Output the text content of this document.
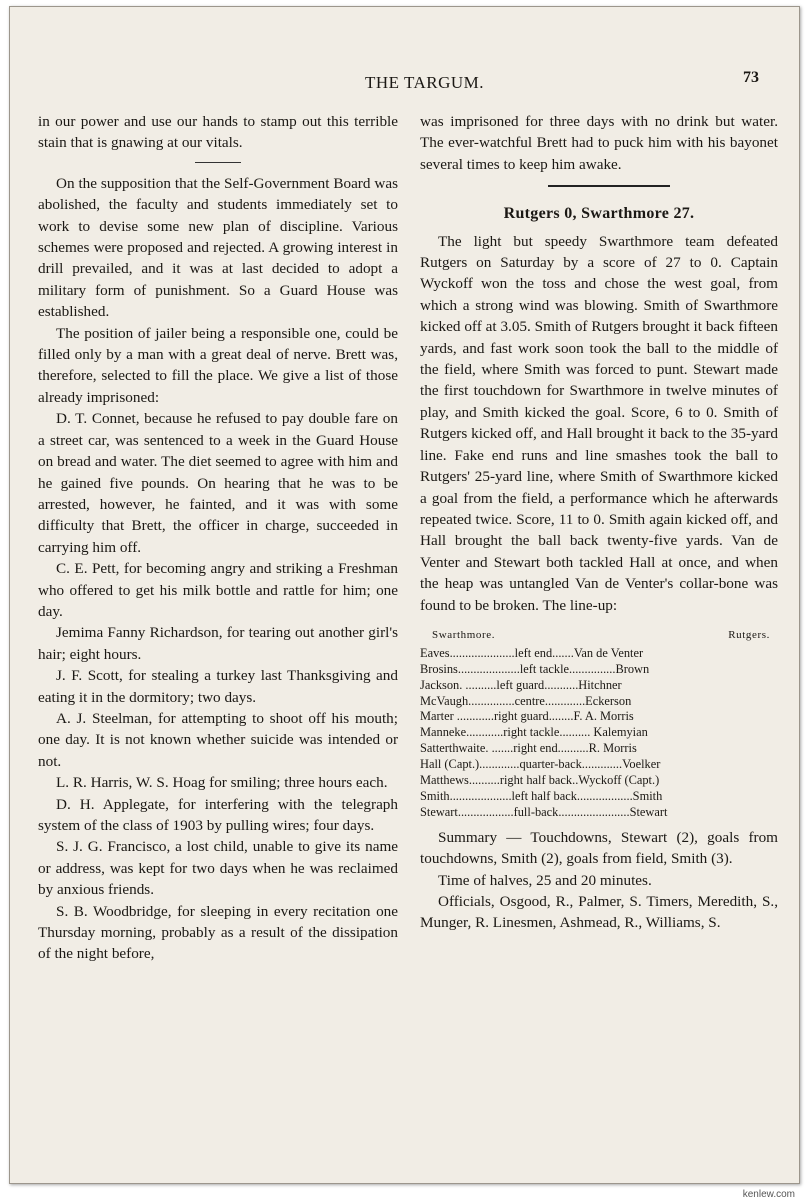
THE TARGUM.	73

in our power and use our hands to stamp out this terrible stain that is gnawing at our vitals.

On the supposition that the Self-Government Board was abolished, the faculty and students immediately set to work to devise some new plan of discipline. Various schemes were proposed and rejected. A growing interest in drill prevailed, and it was at last decided to adopt a military form of punishment. So a Guard House was established.

The position of jailer being a responsible one, could be filled only by a man with a great deal of nerve. Brett was, therefore, selected to fill the place. We give a list of those already imprisoned:

D. T. Connet, because he refused to pay double fare on a street car, was sentenced to a week in the Guard House on bread and water. The diet seemed to agree with him and he gained five pounds. On hearing that he was to be arrested, however, he fainted, and it was with some difficulty that Brett, the officer in charge, succeeded in carrying him off.

C. E. Pett, for becoming angry and striking a Freshman who offered to get his milk bottle and rattle for him; one day.

Jemima Fanny Richardson, for tearing out another girl's hair; eight hours.

J. F. Scott, for stealing a turkey last Thanksgiving and eating it in the dormitory; two days.

A. J. Steelman, for attempting to shoot off his mouth; one day. It is not known whether suicide was intended or not.

L. R. Harris, W. S. Hoag for smiling; three hours each.

D. H. Applegate, for interfering with the telegraph system of the class of 1903 by pulling wires; four days.

S. J. G. Francisco, a lost child, unable to give its name or address, was kept for two days when he was reclaimed by anxious friends.

S. B. Woodbridge, for sleeping in every recitation one Thursday morning, probably as a result of the dissipation of the night before,

was imprisoned for three days with no drink but water. The ever-watchful Brett had to puck him with his bayonet several times to keep him awake.

Rutgers 0, Swarthmore 27.

The light but speedy Swarthmore team defeated Rutgers on Saturday by a score of 27 to 0. Captain Wyckoff won the toss and chose the west goal, from which a strong wind was blowing. Smith of Swarthmore kicked off at 3.05. Smith of Rutgers brought it back fifteen yards, and fast work soon took the ball to the middle of the field, where Smith was forced to punt. Stewart made the first touchdown for Swarthmore in twelve minutes of play, and Smith kicked the goal. Score, 6 to 0. Smith of Rutgers kicked off, and Hall brought it back to the 35-yard line. Fake end runs and line smashes took the ball to Rutgers' 25-yard line, where Smith of Swarthmore kicked a goal from the field, a performance which he afterwards repeated twice. Score, 11 to 0. Smith again kicked off, and Hall brought the ball back twenty-five yards. Van de Venter and Stewart both tackled Hall at once, and when the heap was untangled Van de Venter's collar-bone was found to be broken. The line-up:

Swarthmore.	Rutgers.
Eaves.....................left end.......Van de Venter
Brosins....................left tackle...............Brown
Jackson. ..........left guard...........Hitchner
McVaugh...............centre.............Eckerson
Marter ............right guard........F. A. Morris
Manneke............right tackle.......... Kalemyian
Satterthwaite. .......right end..........R. Morris
Hall (Capt.).............quarter-back.............Voelker
Matthews..........right half back..Wyckoff (Capt.)
Smith....................left half back..................Smith
Stewart..................full-back.......................Stewart

Summary — Touchdowns, Stewart (2), goals from touchdowns, Smith (2), goals from field, Smith (3).

Time of halves, 25 and 20 minutes.

Officials, Osgood, R., Palmer, S. Timers, Meredith, S., Munger, R. Linesmen, Ashmead, R., Williams, S.

kenlew.com
